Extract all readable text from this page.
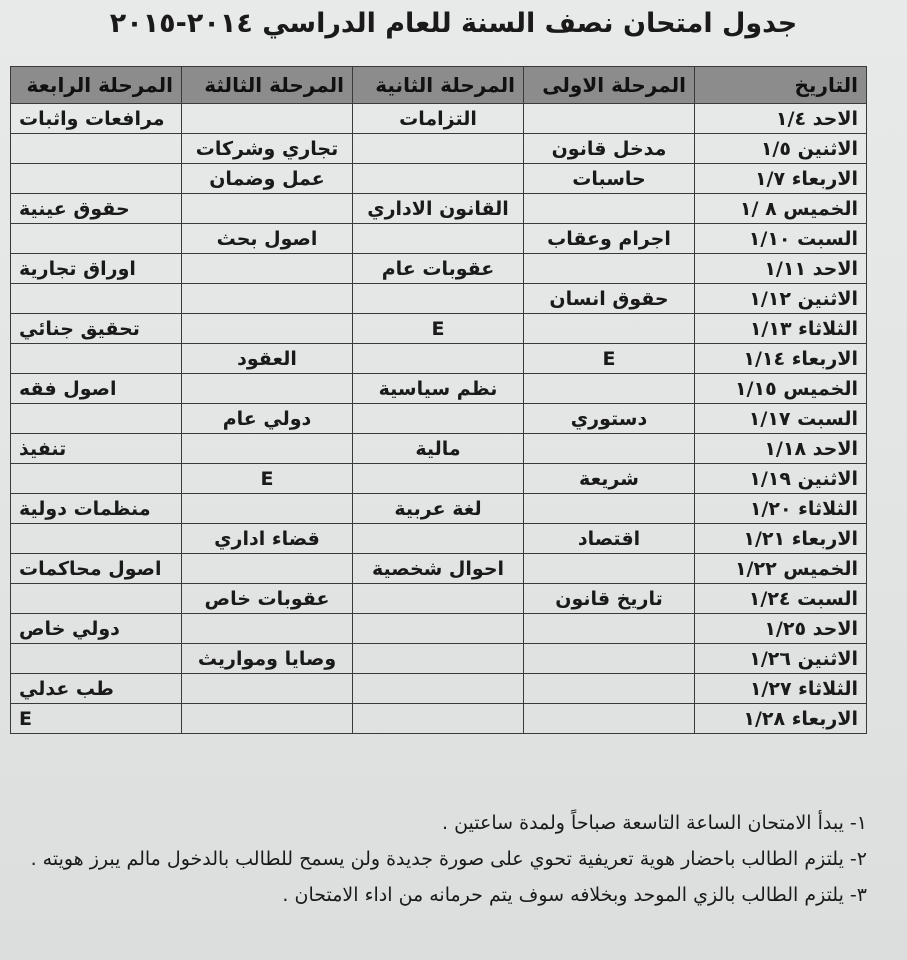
جدول امتحان نصف السنة للعام الدراسي ٢٠١٤-٢٠١٥
التاريخ	المرحلة الاولى	المرحلة الثانية	المرحلة الثالثة	المرحلة الرابعة
الاحد ١/٤		التزامات		مرافعات واثبات
الاثنين ١/٥	مدخل قانون		تجاري وشركات	
الاربعاء ١/٧	حاسبات		عمل وضمان	
الخميس ٨ /١		القانون الاداري		حقوق عينية
السبت ١/١٠	اجرام وعقاب		اصول بحث	
الاحد ١/١١		عقوبات عام		اوراق تجارية
الاثنين ١/١٢	حقوق انسان			
الثلاثاء ١/١٣		E		تحقيق جنائي
الاربعاء ١/١٤	E		العقود	
الخميس ١/١٥		نظم سياسية		اصول فقه
السبت ١/١٧	دستوري		دولي عام	
الاحد ١/١٨		مالية		تنفيذ
الاثنين ١/١٩	شريعة		E	
الثلاثاء ١/٢٠		لغة عربية		منظمات دولية
الاربعاء ١/٢١	اقتصاد		قضاء اداري	
الخميس ١/٢٢		احوال شخصية		اصول محاكمات
السبت ١/٢٤	تاريخ قانون		عقوبات خاص	
الاحد ١/٢٥				دولي خاص
الاثنين ١/٢٦			وصايا ومواريث	
الثلاثاء ١/٢٧				طب عدلي
الاربعاء ١/٢٨				E

١- يبدأ الامتحان الساعة التاسعة صباحاً ولمدة ساعتين .

٢- يلتزم الطالب باحضار هوية تعريفية تحوي على صورة جديدة ولن يسمح للطالب بالدخول مالم يبرز هويته .

٣- يلتزم الطالب بالزي الموحد وبخلافه سوف يتم حرمانه من اداء الامتحان .
